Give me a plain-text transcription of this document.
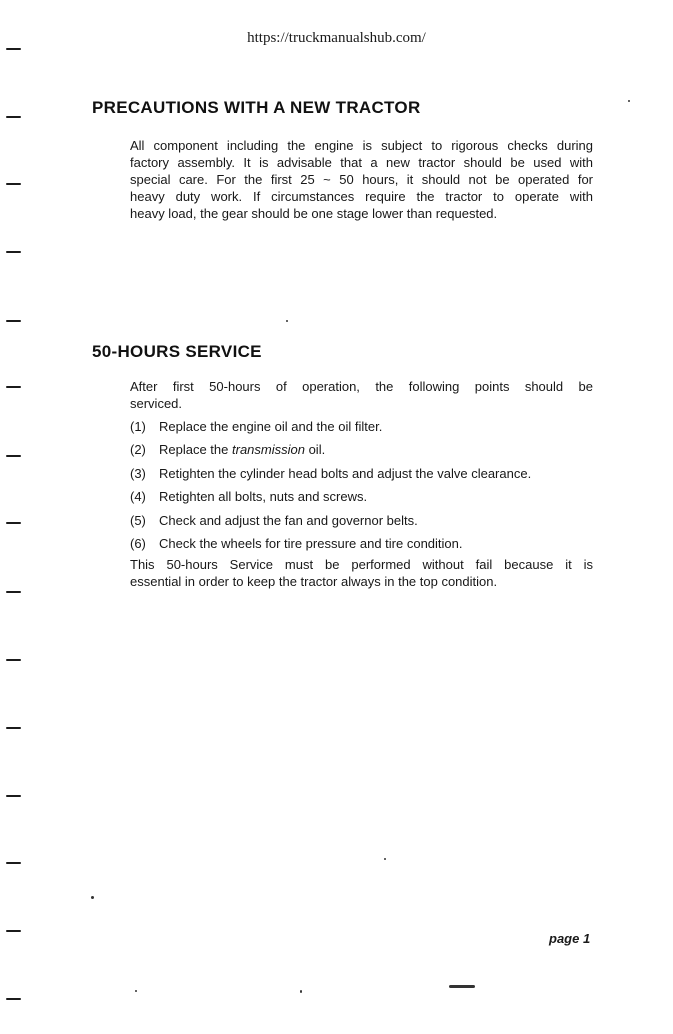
https://truckmanualshub.com/
PRECAUTIONS WITH A NEW TRACTOR

All component including the engine is subject to rigorous checks during
factory assembly. It is advisable that a new tractor should be used with
special care. For the first 25 ~ 50 hours, it should not be operated for
heavy duty work. If circumstances require the tractor to operate with
heavy load, the gear should be one stage lower than requested.

50-HOURS SERVICE

After first 50-hours of operation, the following points should be
serviced.

(1) Replace the engine oil and the oil filter.
(2) Replace the transmission oil.
(3) Retighten the cylinder head bolts and adjust the valve clearance.
(4) Retighten all bolts, nuts and screws.
(5) Check and adjust the fan and governor belts.
(6) Check the wheels for tire pressure and tire condition.

This 50-hours Service must be performed without fail because it is
essential in order to keep the tractor always in the top condition.

page 1
